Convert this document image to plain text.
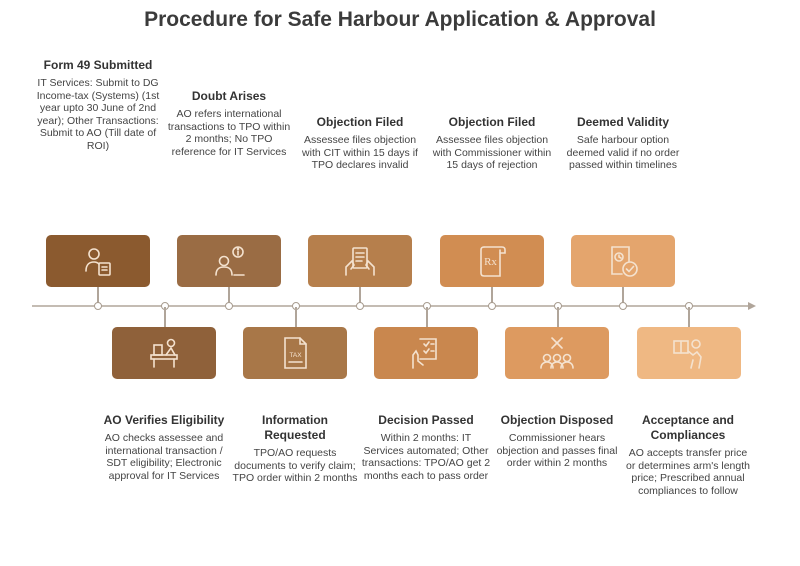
Procedure for Safe Harbour Application & Approval
Form 49 Submitted
IT Services: Submit to DG Income-tax (Systems) (1st year upto 30 June of 2nd year); Other Transactions: Submit to AO (Till date of ROI)
AO Verifies Eligibility
AO checks assessee and international transaction / SDT eligibility; Electronic approval for IT Services
Doubt Arises
AO refers international transactions to TPO within 2 months; No TPO reference for IT Services
TAX
Information Requested
TPO/AO requests documents to verify claim; TPO order within 2 months
Objection Filed
Assessee files objection with CIT within 15 days if TPO declares invalid
Decision Passed
Within 2 months: IT Services automated; Other transactions: TPO/AO get 2 months each to pass order
Objection Filed
Assessee files objection with Commissioner within 15 days of rejection
Rx
Objection Disposed
Commissioner hears objection and passes final order within 2 months
Deemed Validity
Safe harbour option deemed valid if no order passed within timelines
Acceptance and Compliances
AO accepts transfer price or determines arm's length price; Prescribed annual compliances to follow
